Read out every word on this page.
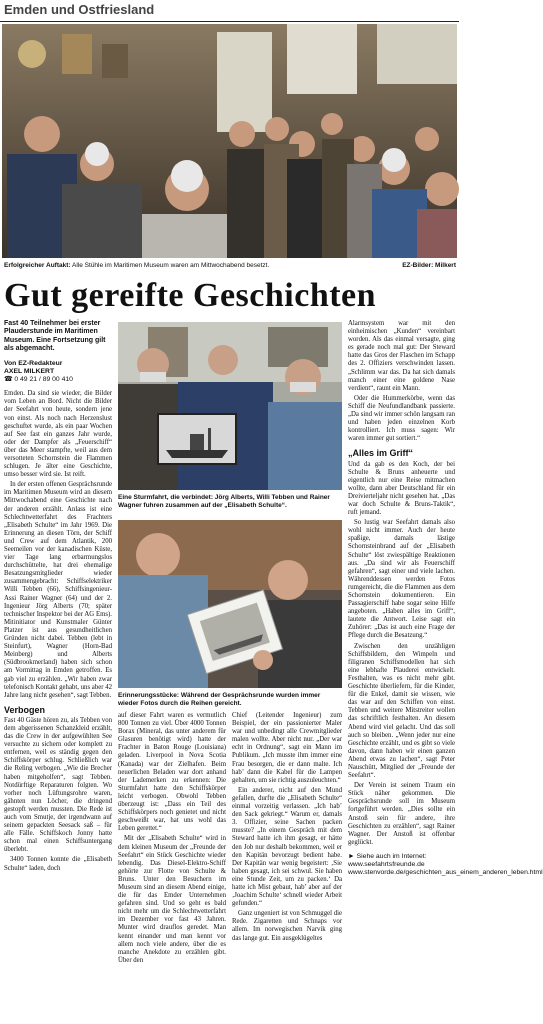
Emden und Ostfriesland
Erfolgreicher Auftakt: Alle Stühle im Maritimen Museum waren am Mittwochabend besetzt.	EZ-Bilder: Milkert
Gut gereifte Geschichten

Fast 40 Teilnehmer bei erster Plauderstunde im Maritimen Museum. Eine Fortsetzung gilt als abgemacht.

Von EZ-Redakteur
AXEL MILKERT
☎ 0 49 21 / 89 00 410

Emden. Da sind sie wieder, die Bilder vom Leben an Bord. Nicht die Bilder der Seefahrt von heute, sondern jene von einst. Als noch nach Herzenslust geschuftet wurde, als ein paar Wochen auf See fast ein ganzes Jahr wurde, oder der Dampfer als „Feuerschiff“ über das Meer stampfte, weil aus dem versotteten Schornstein die Flammen schlugen. Je älter eine Geschichte, umso besser wird sie. Ist reift.

In der ersten offenen Gesprächsrunde im Maritimen Museum wird an diesem Mittwochabend eine Geschichte nach der anderen erzählt. Anlass ist eine Schlechtwetterfahrt des Frachters „Elisabeth Schulte“ im Jahr 1969. Die Erinnerung an diesen Törn, der Schiff und Crew auf dem Atlantik, 200 Seemeilen vor der kanadischen Küste, vier Tage lang erbarmungslos durchschüttelte, hat drei ehemalige Besatzungsmitglieder wieder zusammengebracht: Schiffselektriker Willi Tebben (66), Schiffsingenieur-Assi Rainer Wagner (64) und der 2. Ingenieur Jörg Alberts (70; später technischer Inspektor bei der AG Ems). Mitinitiator und Kunstmaler Günter Platzer ist aus gesundheitlichen Gründen nicht dabei. Tebben (lebt in Steinfurt), Wagner (Horn-Bad Meinberg) und Alberts (Südbrookmerland) haben sich schon am Vormittag in Emden getroffen. Es gab viel zu erzählen. „Wir haben zwar telefonisch Kontakt gehabt, uns aber 42 Jahre lang nicht gesehen“, sagt Tebben.

Verbogen

Fast 40 Gäste hören zu, als Tebben von dem abgerissenen Schanzkleid erzählt, das die Crew in der aufgewühlten See versuchte zu sichern oder komplett zu entfernen, weil es ständig gegen den Schiffskörper schlug. Schließlich war die Reling verbogen. „Wie die Brecher haben mitgeholfen“, sagt Tebben. Notdürftige Reparaturen folgten. Wo vorher noch Lüftungsrohre waren, gähnten nun Löcher, die dringend gestopft werden mussten. Die Rede ist auch vom Smutje, der irgendwann auf seinem gepackten Seesack saß – für alle Fälle. Schiffskoch Jonny hatte schon mal einen Schiffsuntergang überlebt.

3400 Tonnen konnte die „Elisabeth Schulte“ laden, doch

Eine Sturmfahrt, die verbindet: Jörg Alberts, Willi Tebben und Rainer Wagner fuhren zusammen auf der „Elisabeth Schulte“.
Erinnerungsstücke: Während der Gesprächsrunde wurden immer wieder Fotos durch die Reihen gereicht.

auf dieser Fahrt waren es vermutlich 800 Tonnen zu viel. Über 4000 Tonnen Borax (Mineral, das unter anderem für Glasuren benötigt wird) hatte der Frachter in Baton Rouge (Louisiana) geladen. Liverpool in Nova Scotia (Kanada) war der Zielhafen. Beim neuerlichen Beladen war dort anhand der Lademerken zu erkennen: Die Sturmfahrt hatte den Schiffskörper leicht verbogen. Obwohl Tebben überzeugt ist: „Dass ein Teil des Schiffskörpers noch genietet und nicht geschweißt war, hat uns wohl das Leben gerettet.“

Mit der „Elisabeth Schulte“ wird in dem kleinen Museum der „Freunde der Seefahrt“ ein Stück Geschichte wieder lebendig. Das Diesel-Elektro-Schiff gehörte zur Flotte von Schulte & Bruns. Unter den Besuchern im Museum sind an diesem Abend einige, die für das Emder Unternehmen gefahren sind. Und so geht es bald nicht mehr um die Schlechtwetterfahrt im Dezember vor fast 43 Jahren. Munter wird drauflos geredet. Man kennt einander und man kennt vor allem noch viele andere, über die es manche Anekdote zu erzählen gibt. Über den

Chief (Leitender Ingenieur) zum Beispiel, der ein passionierter Maler war und unbedingt alle Crewmitglieder malen wollte. Aber nicht nur. „Der war echt in Ordnung“, sagt ein Mann im Publikum. „Ich musste ihm immer eine Frau besorgen, die er dann malte. Ich hab’ dann die Kabel für die Lampen gehalten, um sie richtig auszuleuchten.“

Ein anderer, nicht auf den Mund gefallen, durfte die „Elisabeth Schulte“ einmal vorzeitig verlassen. „Ich hab’ den Sack gekriegt.“ Warum er, damals 3. Offizier, seine Sachen packen musste? „In einem Gespräch mit dem Steward hatte ich ihm gesagt, er hätte den Job nur deshalb bekommen, weil er den Kapitän bevorzugt bedient habe. Der Kapitän war wenig begeistert: ‚Sie haben gesagt, ich sei schwul. Sie haben eine Stunde Zeit, um zu packen.‘ Da hatte ich Mist gebaut, hab’ aber auf der ‚Joachim Schulte‘ schnell wieder Arbeit gefunden.“

Ganz ungeniert ist von Schmuggel die Rede. Zigaretten und Schnaps vor allem. Im norwegischen Narvik ging das lange gut. Ein ausgeklügeltes

Alarmsystem war mit den einheimischen „Kunden“ vereinbart worden. Als das einmal versagte, ging es gerade noch mal gut: Der Steward hatte das Gros der Flaschen im Schapp des 2. Offiziers verschwinden lassen. „Schlimm war das. Da hat sich damals manch einer eine goldene Nase verdient“, raunt ein Mann.

Oder die Hummerkörbe, wenn das Schiff die Neufundlandbank passierte. „Da sind wir immer schön langsam ran und haben jeden einzelnen Korb kontrolliert. Ich muss sagen: Wir waren immer gut sortiert.“

„Alles im Griff“

Und da gab es den Koch, der bei Schulte & Bruns anheuerte und eigentlich nur eine Reise mitmachen wollte, dann aber Deutschland für ein Dreivierteljahr nicht gesehen hat. „Das war doch Schulte & Bruns-Taktik“, ruft jemand.

So lustig war Seefahrt damals also wohl nicht immer. Auch der heute spaßige, damals lästige Schornsteinbrand auf der „Elisabeth Schulte“ löst zwiespältige Reaktionen aus. „Da sind wir als Feuerschiff gefahren“, sagt einer und viele lachen. Währenddessen werden Fotos rumgereicht, die die Flammen aus dem Schornstein dokumentieren. Ein Passagierschiff habe sogar seine Hilfe angeboten. „Haben alles im Griff“, lautete die Antwort. Leise sagt ein Zuhörer: „Das ist auch eine Frage der Pflege durch die Besatzung.“

Zwischen den unzähligen Schiffsbildern, den Wimpeln und filigranen Schiffsmodellen hat sich eine lebhafte Plauderei entwickelt. Festhalten, was es nicht mehr gibt. Geschichte überliefern, für die Kinder, für die Enkel, damit sie wissen, wie das war auf den Schiffen von einst. Tebben und weitere Mitstreiter wollen das schriftlich festhalten. An diesem Abend wird viel gelacht. Und das soll auch so bleiben. „Wenn jeder nur eine Geschichte erzählt, und es gibt so viele davon, dann haben wir einen ganzen Abend etwas zu lachen“, sagt Peter Nauschütt, Mitglied der „Freunde der Seefahrt“.

Der Verein ist seinem Traum ein Stück näher gekommen. Die Gesprächsrunde soll im Museum fortgeführt werden. „Dies sollte ein Anstoß sein für andere, ihre Geschichten zu erzählen“, sagt Rainer Wagner. Der Anstoß ist offenbar geglückt.

► Siehe auch im Internet: www.seefahrtsfreunde.de www.stenvorde.de/geschichten_aus_einem_anderen_leben.html
